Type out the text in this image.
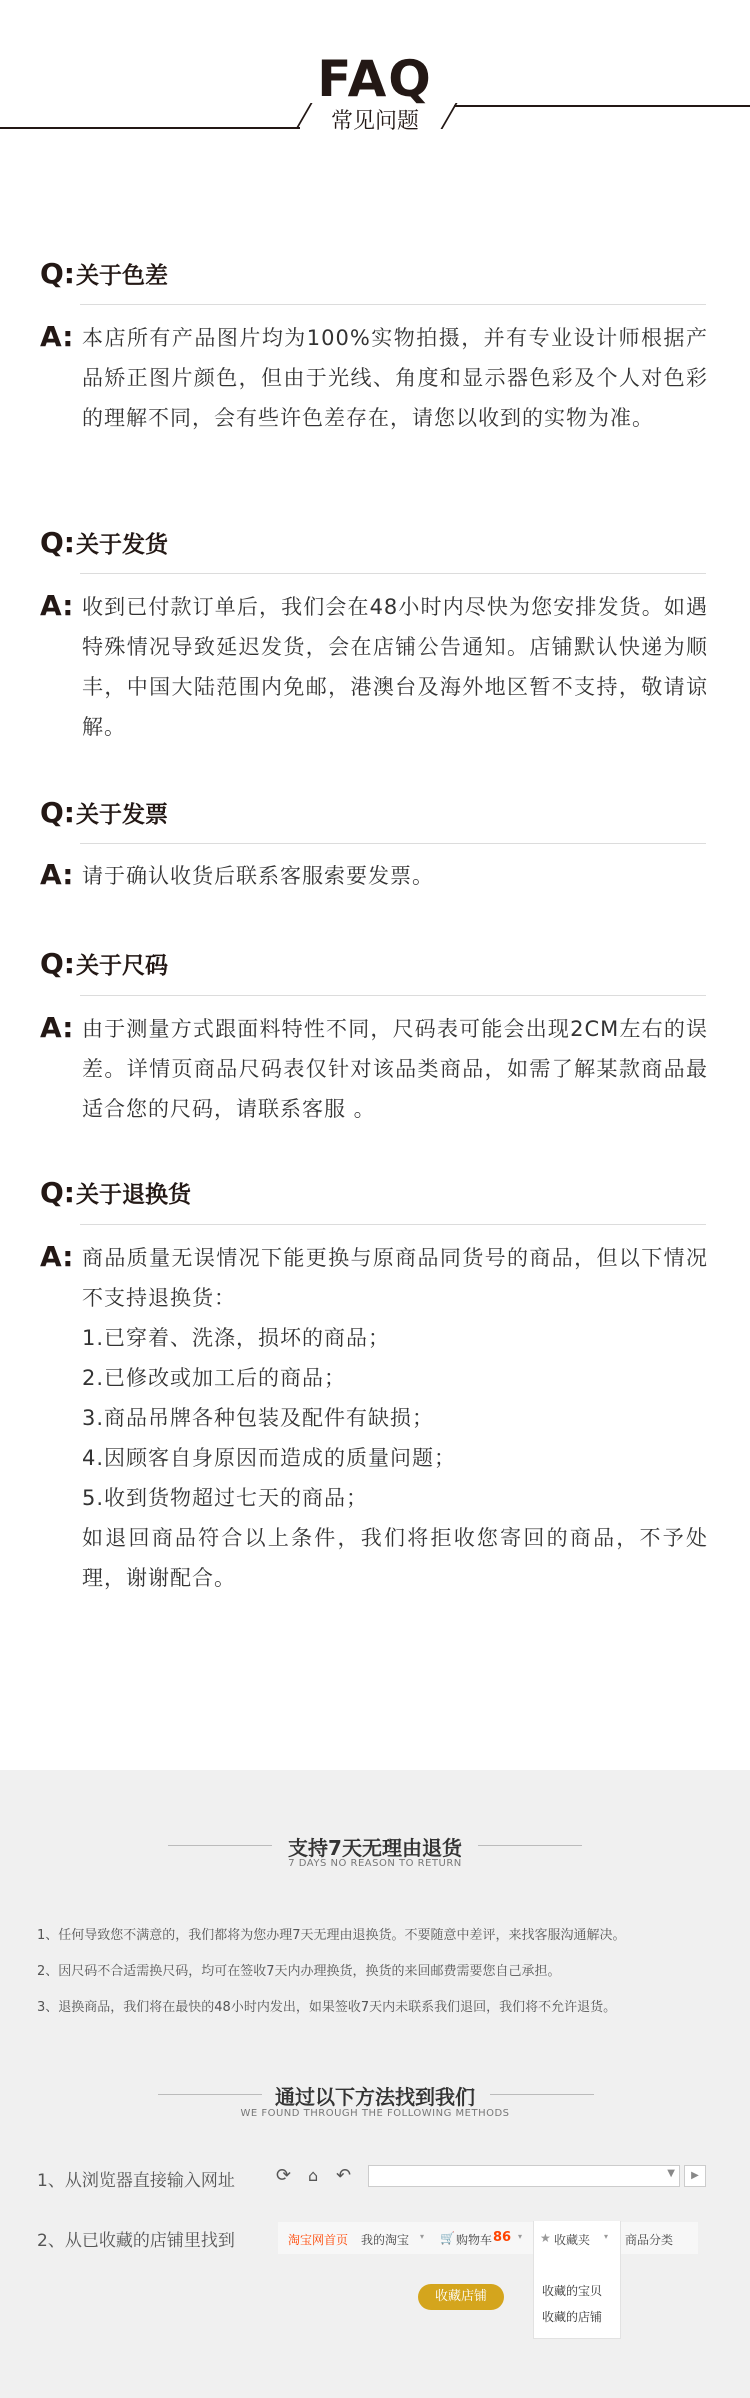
FAQ
常见问题
Q: 关于色差
A: 本店所有产品图片均为100%实物拍摄，并有专业设计师根据产品矫正图片颜色，但由于光线、角度和显示器色彩及个人对色彩的理解不同，会有些许色差存在，请您以收到的实物为准。

Q: 关于发货
A: 收到已付款订单后，我们会在48小时内尽快为您安排发货。如遇特殊情况导致延迟发货，会在店铺公告通知。店铺默认快递为顺丰，中国大陆范围内免邮，港澳台及海外地区暂不支持，敬请谅解。

Q: 关于发票
A: 请于确认收货后联系客服索要发票。

Q: 关于尺码
A: 由于测量方式跟面料特性不同，尺码表可能会出现2CM左右的误差。详情页商品尺码表仅针对该品类商品，如需了解某款商品最适合您的尺码，请联系客服 。

Q: 关于退换货
A: 商品质量无误情况下能更换与原商品同货号的商品，但以下情况不支持退换货：

1.已穿着、洗涤，损坏的商品；

2.已修改或加工后的商品；

3.商品吊牌各种包装及配件有缺损；

4.因顾客自身原因而造成的质量问题；

5.收到货物超过七天的商品；

如退回商品符合以上条件，我们将拒收您寄回的商品，不予处理，谢谢配合。

支持7天无理由退货
7 DAYS NO REASON TO RETURN
1、任何导致您不满意的，我们都将为您办理7天无理由退换货。不要随意中差评，来找客服沟通解决。
2、因尺码不合适需换尺码，均可在签收7天内办理换货，换货的来回邮费需要您自己承担。
3、退换商品，我们将在最快的48小时内发出，如果签收7天内未联系我们退回，我们将不允许退货。
通过以下方法找到我们
WE FOUND THROUGH THE FOLLOWING METHODS
1、从浏览器直接输入网址
2、从已收藏的店铺里找到
⟳ ⌂ ↶	▼	▶
淘宝网首页 我的淘宝 ▾ 🛒 购物车 86 ▾ ★ 收藏夹 ▾ 商品分类
收藏的宝贝
收藏的店铺
收藏店铺
